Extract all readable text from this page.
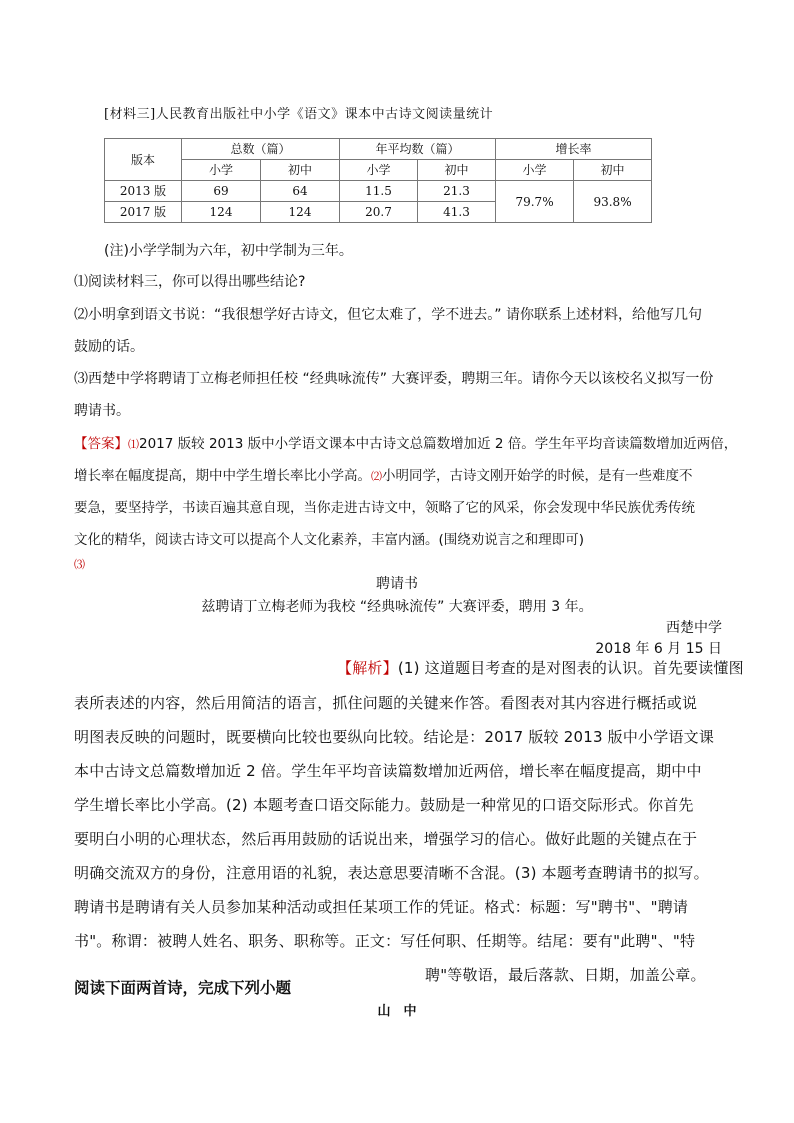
[材料三]人民教育出版社中小学《语文》课本中古诗文阅读量统计
版本	总数（篇）		年平均数（篇）		增长率	
	小学	初中	小学	初中	小学	初中
2013 版	69	64	11.5	21.3	79.7%	93.8%
2017 版	124	124	20.7	41.3		
(注)小学学制为六年，初中学制为三年。
⑴阅读材料三，你可以得出哪些结论?
⑵小明拿到语文书说：“我很想学好古诗文，但它太难了，学不进去。” 请你联系上述材料，给他写几句
鼓励的话。
⑶西楚中学将聘请丁立梅老师担任校 “经典咏流传” 大赛评委，聘期三年。请你今天以该校名义拟写一份
聘请书。
【答案】⑴2017 版较 2013 版中小学语文课本中古诗文总篇数增加近 2 倍。学生年平均音读篇数增加近两倍，
增长率在幅度提高，期中中学生增长率比小学高。⑵小明同学，古诗文刚开始学的时候，是有一些难度不
要急，要坚持学，书读百遍其意自现，当你走进古诗文中，领略了它的风采，你会发现中华民族优秀传统
文化的精华，阅读古诗文可以提高个人文化素养，丰富内涵。(围绕劝说言之和理即可)
⑶
聘请书
兹聘请丁立梅老师为我校 “经典咏流传” 大赛评委，聘用 3 年。
西楚中学
2018 年 6 月 15 日
【解析】(1) 这道题目考查的是对图表的认识。首先要读懂图
表所表述的内容，然后用简洁的语言，抓住问题的关键来作答。看图表对其内容进行概括或说
明图表反映的问题时，既要横向比较也要纵向比较。结论是：2017 版较 2013 版中小学语文课
本中古诗文总篇数增加近 2 倍。学生年平均音读篇数增加近两倍，增长率在幅度提高，期中中
学生增长率比小学高。(2) 本题考查口语交际能力。鼓励是一种常见的口语交际形式。你首先
要明白小明的心理状态，然后再用鼓励的话说出来，增强学习的信心。做好此题的关键点在于
明确交流双方的身份，注意用语的礼貌，表达意思要清晰不含混。(3) 本题考查聘请书的拟写。
聘请书是聘请有关人员参加某种活动或担任某项工作的凭证。格式：标题：写"聘书"、"聘请
书"。称谓：被聘人姓名、职务、职称等。正文：写任何职、任期等。结尾：要有"此聘"、"特
聘"等敬语，最后落款、日期，加盖公章。
阅读下面两首诗，完成下列小题
山　中
